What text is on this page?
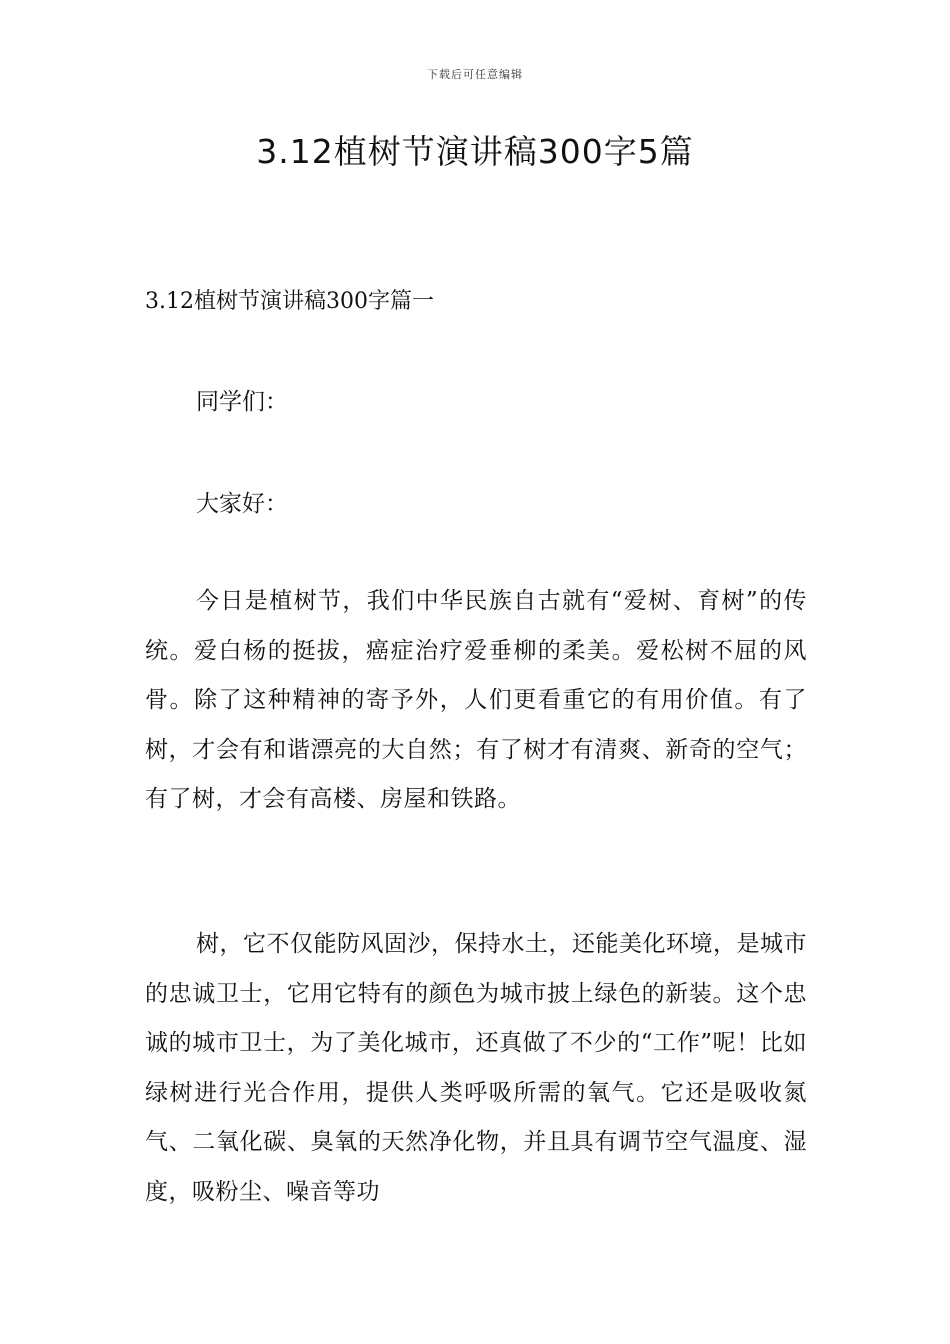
下载后可任意编辑
3.12植树节演讲稿300字5篇
3.12植树节演讲稿300字篇一

同学们：

大家好：

今日是植树节，我们中华民族自古就有“爱树、育树”的传统。爱白杨的挺拔，癌症治疗爱垂柳的柔美。爱松树不屈的风骨。除了这种精神的寄予外，人们更看重它的有用价值。有了树，才会有和谐漂亮的大自然；有了树才有清爽、新奇的空气；有了树，才会有高楼、房屋和铁路。

树，它不仅能防风固沙，保持水土，还能美化环境，是城市的忠诚卫士，它用它特有的颜色为城市披上绿色的新装。这个忠诚的城市卫士，为了美化城市，还真做了不少的“工作”呢！比如绿树进行光合作用，提供人类呼吸所需的氧气。它还是吸收氮气、二氧化碳、臭氧的天然净化物，并且具有调节空气温度、湿度，吸粉尘、噪音等功
